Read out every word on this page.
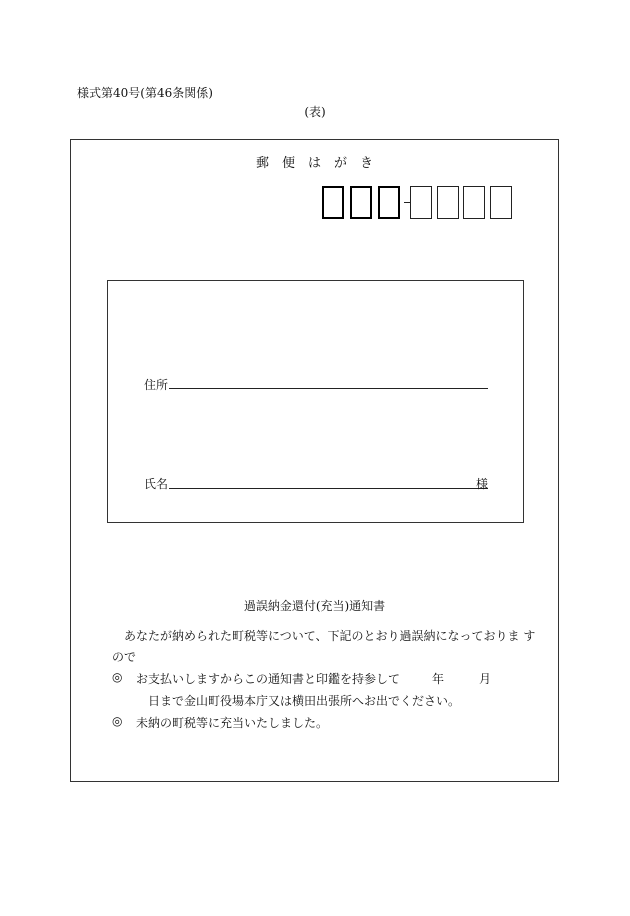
様式第40号(第46条関係)
(表)
郵便はがき
住所
氏名	様
過誤納金還付(充当)通知書
あなたが納められた町税等について、下記のとおり過誤納になっておりま す
ので
◎ お支払いしますからこの通知書と印鑑を持参して	年	月
日まで金山町役場本庁又は横田出張所へお出でください。
◎ 未納の町税等に充当いたしました。
